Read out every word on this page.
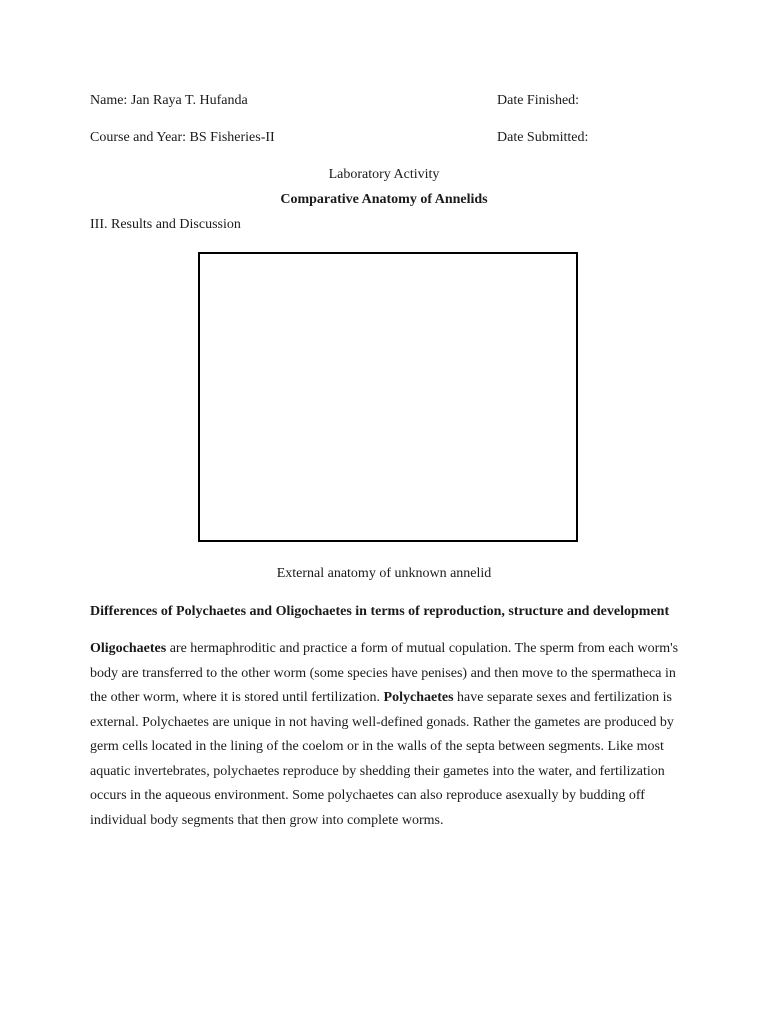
Name: Jan Raya T. Hufanda	Date Finished:
Course and Year: BS Fisheries-II	Date Submitted:
Laboratory Activity
Comparative Anatomy of Annelids
III. Results and Discussion
External anatomy of unknown annelid
Differences of Polychaetes and Oligochaetes in terms of reproduction, structure and development
Oligochaetes are hermaphroditic and practice a form of mutual copulation. The sperm from each worm's body are transferred to the other worm (some species have penises) and then move to the spermatheca in the other worm, where it is stored until fertilization. Polychaetes have separate sexes and fertilization is external. Polychaetes are unique in not having well-defined gonads. Rather the gametes are produced by germ cells located in the lining of the coelom or in the walls of the septa between segments. Like most aquatic invertebrates, polychaetes reproduce by shedding their gametes into the water, and fertilization occurs in the aqueous environment. Some polychaetes can also reproduce asexually by budding off individual body segments that then grow into complete worms.
